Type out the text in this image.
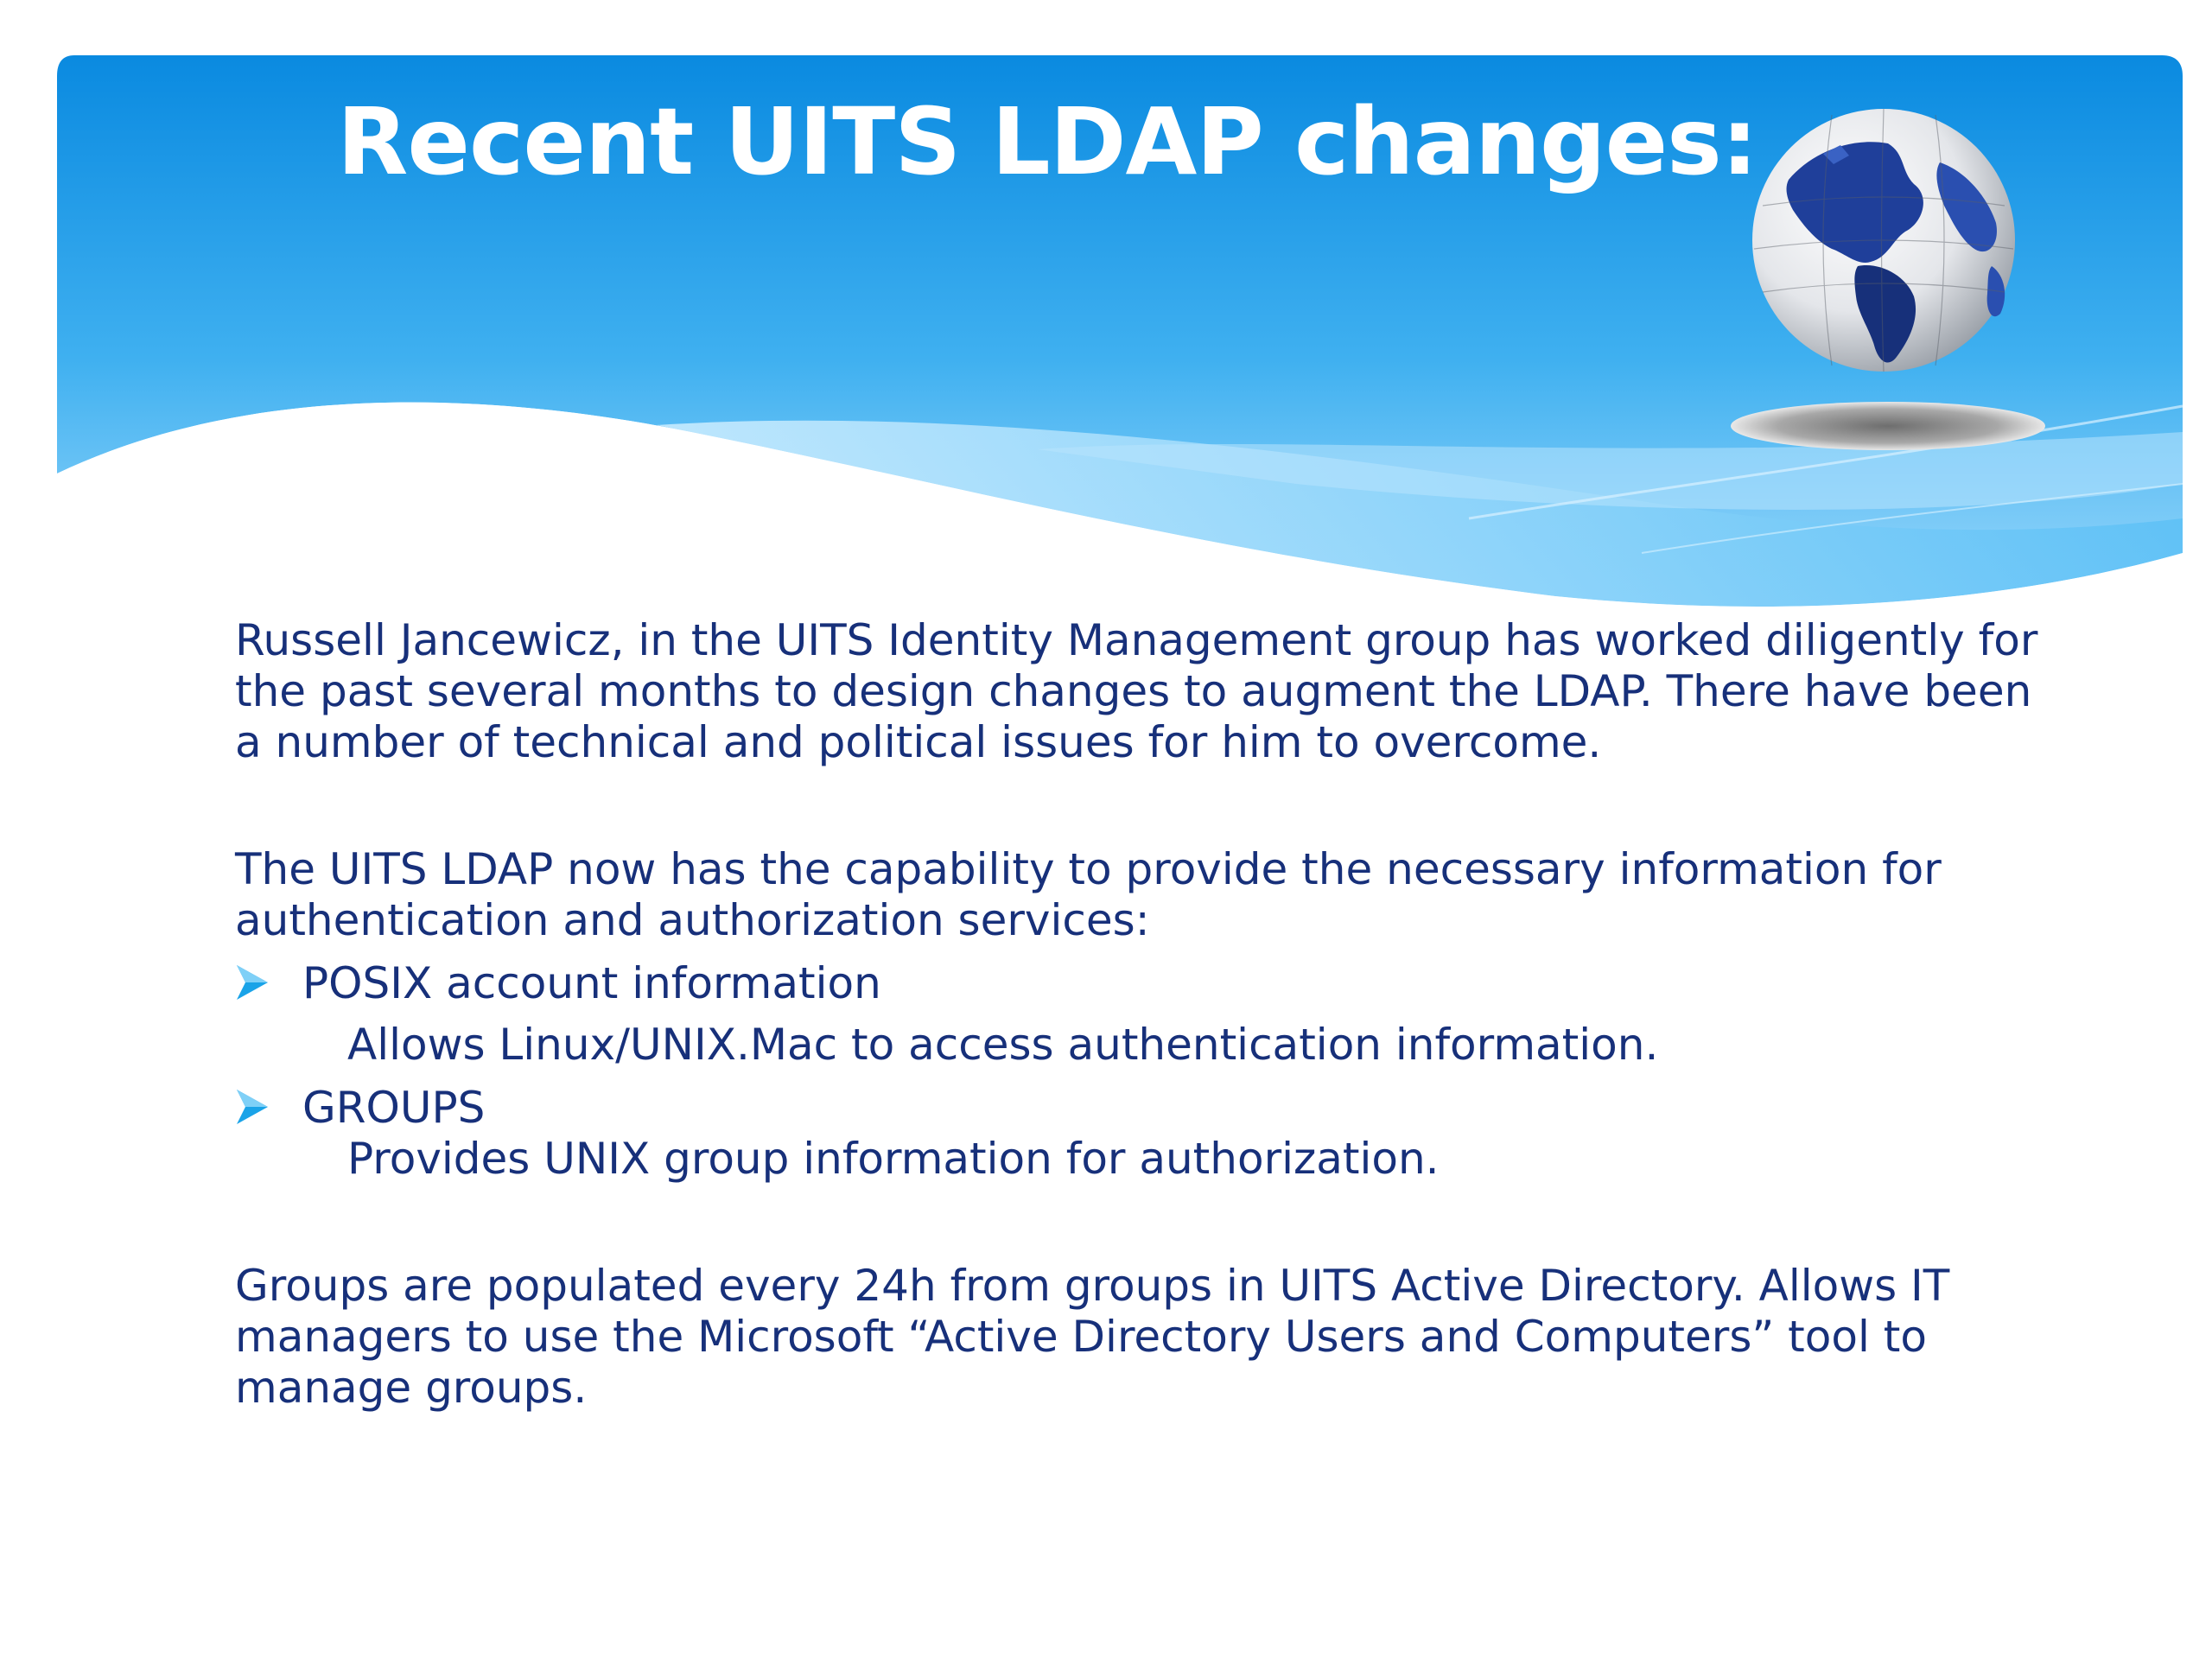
Recent UITS LDAP changes:

Russell Jancewicz, in the UITS Identity Management group has worked diligently for the past several months to design changes to augment the LDAP. There have been a number of technical and political issues for him to overcome.

The UITS LDAP now has the capability to provide the necessary information for authentication and authorization services:

POSIX account information

Allows Linux/UNIX.Mac to access authentication information.

GROUPS

Provides UNIX group information for authorization.

Groups are populated every 24h from groups in UITS Active Directory. Allows IT managers to use the Microsoft “Active Directory Users and Computers” tool to manage groups.
